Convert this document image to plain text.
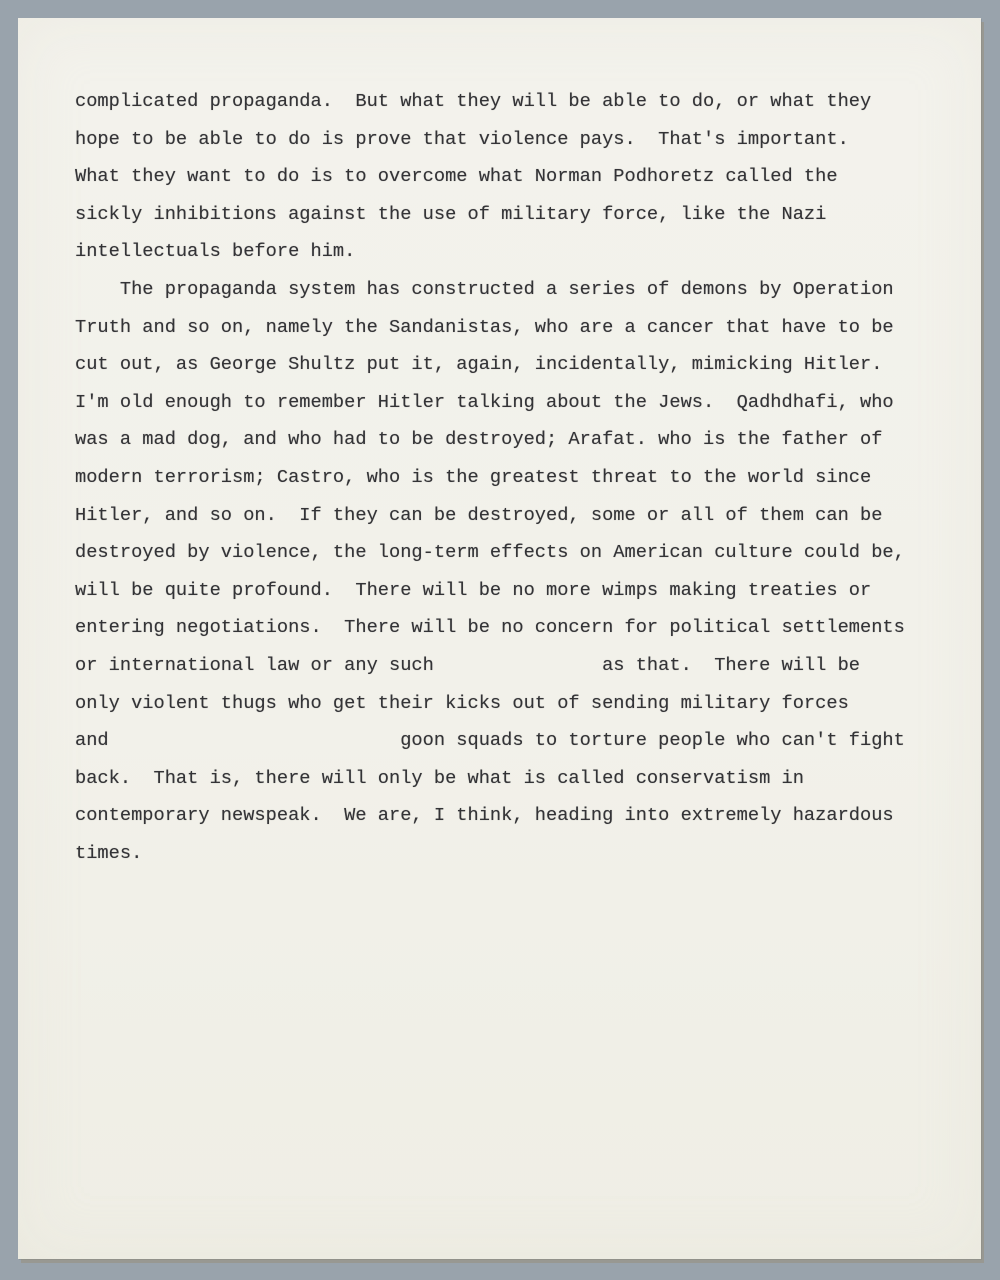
complicated propaganda.  But what they will be able to do, or what they
hope to be able to do is prove that violence pays.  That's important.
What they want to do is to overcome what Norman Podhoretz called the
sickly inhibitions against the use of military force, like the Nazi
intellectuals before him.
The propaganda system has constructed a series of demons by Operation
Truth and so on, namely the Sandanistas, who are a cancer that have to be
cut out, as George Shultz put it, again, incidentally, mimicking Hitler.
I'm old enough to remember Hitler talking about the Jews.  Qadhdhafi, who
was a mad dog, and who had to be destroyed; Arafat. who is the father of
modern terrorism; Castro, who is the greatest threat to the world since
Hitler, and so on.  If they can be destroyed, some or all of them can be
destroyed by violence, the long-term effects on American culture could be,
will be quite profound.  There will be no more wimps making treaties or
entering negotiations.  There will be no concern for political settlements
or international law or any such               as that.  There will be
only violent thugs who get their kicks out of sending military forces
and                          goon squads to torture people who can't fight
back.  That is, there will only be what is called conservatism in
contemporary newspeak.  We are, I think, heading into extremely hazardous
times.
